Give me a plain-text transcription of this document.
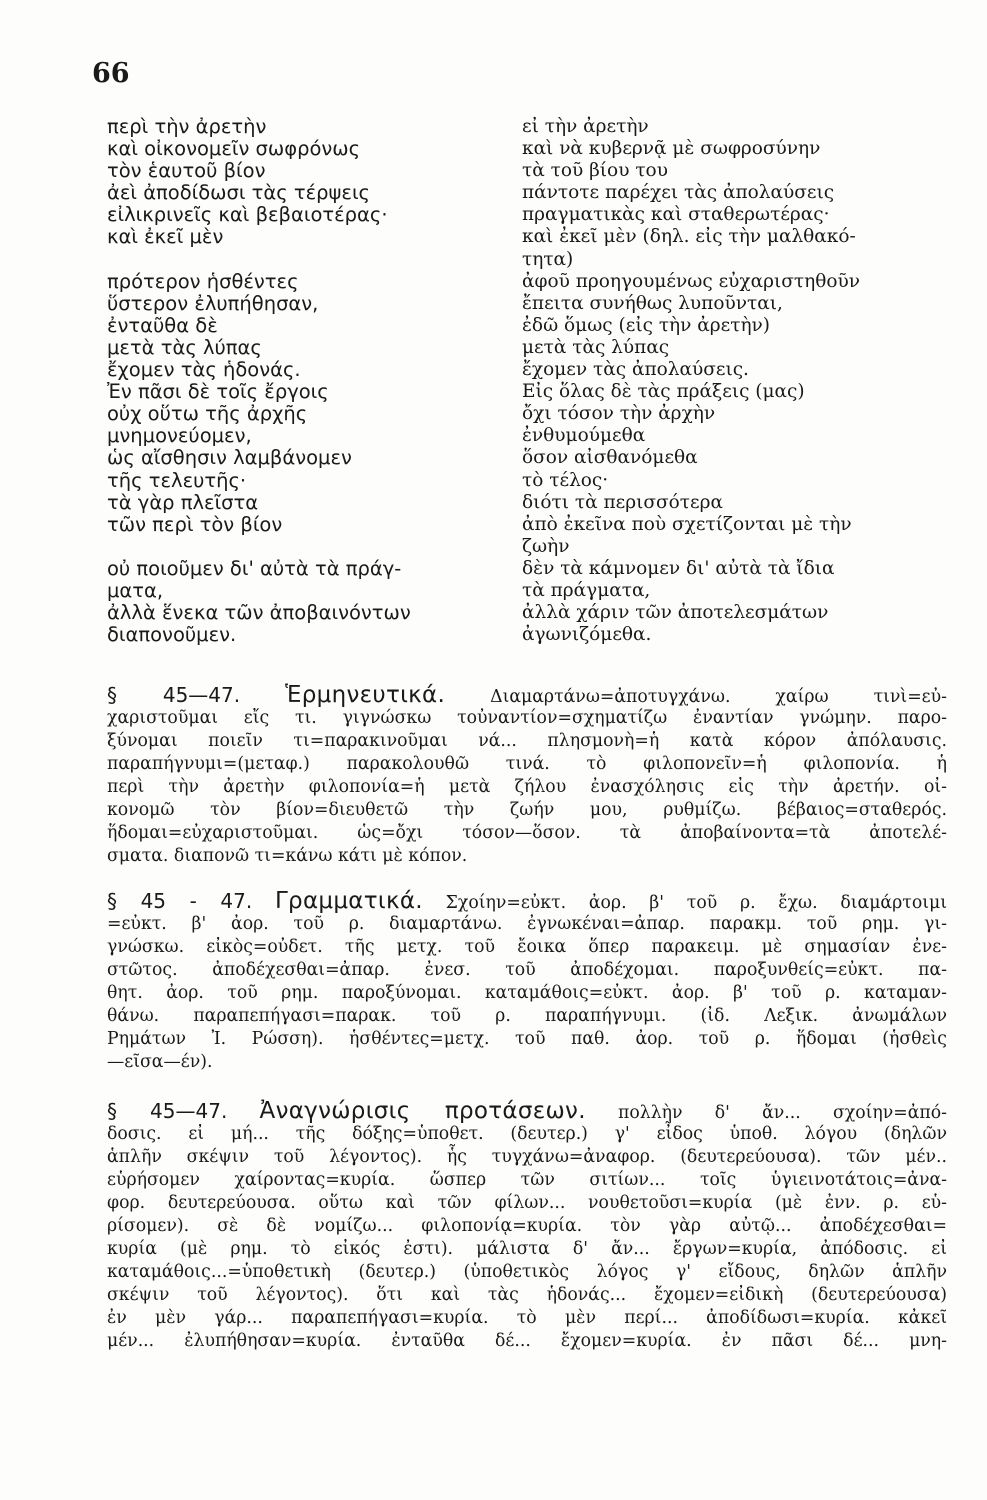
66
περὶ τὴν ἀρετὴν
καὶ οἰκονομεῖν σωφρόνως
τὸν ἑαυτοῦ βίον
ἀεὶ ἀποδίδωσι τὰς τέρψεις
εἰλικρινεῖς καὶ βεβαιοτέρας·
καὶ ἐκεῖ μὲν
πρότερον ἡσθέντες
ὕστερον ἐλυπήθησαν,
ἐνταῦθα δὲ
μετὰ τὰς λύπας
ἔχομεν τὰς ἡδονάς.
Ἐν πᾶσι δὲ τοῖς ἔργοις
οὐχ οὕτω τῆς ἀρχῆς
μνημονεύομεν,
ὡς αἴσθησιν λαμβάνομεν
τῆς τελευτῆς·
τὰ γὰρ πλεῖστα
τῶν περὶ τὸν βίον
οὐ ποιοῦμεν δι' αὐτὰ τὰ πράγ-
ματα,
ἀλλὰ ἕνεκα τῶν ἀποβαινόντων
διαπονοῦμεν.
εἰ τὴν ἀρετὴν
καὶ νὰ κυβερνᾷ μὲ σωφροσύνην
τὰ τοῦ βίου του
πάντοτε παρέχει τὰς ἀπολαύσεις
πραγματικὰς καὶ σταθερωτέρας·
καὶ ἐκεῖ μὲν (δηλ. εἰς τὴν μαλθακό-
τητα)
ἀφοῦ προηγουμένως εὐχαριστηθοῦν
ἔπειτα συνήθως λυποῦνται,
ἐδῶ ὅμως (εἰς τὴν ἀρετὴν)
μετὰ τὰς λύπας
ἔχομεν τὰς ἀπολαύσεις.
Εἰς ὅλας δὲ τὰς πράξεις (μας)
ὄχι τόσον τὴν ἀρχὴν
ἐνθυμούμεθα
ὅσον αἰσθανόμεθα
τὸ τέλος·
διότι τὰ περισσότερα
ἀπὸ ἐκεῖνα ποὺ σχετίζονται μὲ τὴν
ζωὴν
δὲν τὰ κάμνομεν δι' αὐτὰ τὰ ἴδια
τὰ πράγματα,
ἀλλὰ χάριν τῶν ἀποτελεσμάτων
ἀγωνιζόμεθα.
§ 45—47. Ἑρμηνευτικά.	Διαμαρτάνω=ἀποτυγχάνω. χαίρω τινὶ=εὐ-
χαριστοῦμαι εἴς τι. γιγνώσκω τοὐναντίον=σχηματίζω ἐναντίαν γνώμην. παρο-
ξύνομαι ποιεῖν τι=παρακινοῦμαι νά... πλησμονὴ=ἡ κατὰ κόρον ἀπόλαυσις.
παραπήγνυμι=(μεταφ.) παρακολουθῶ τινά. τὸ φιλοπονεῖν=ἡ φιλοπονία. ἡ
περὶ τὴν ἀρετὴν φιλοπονία=ἡ μετὰ ζήλου ἐνασχόλησις εἰς τὴν ἀρετήν. οἰ-
κονομῶ τὸν βίον=διευθετῶ τὴν ζωήν μου, ρυθμίζω. βέβαιος=σταθερός.
ἥδομαι=εὐχαριστοῦμαι. ὡς=ὄχι τόσον—ὅσον. τὰ ἀποβαίνοντα=τὰ ἀποτελέ-
σματα. διαπονῶ τι=κάνω κάτι μὲ κόπον.
§ 45 - 47. Γραμματικά. Σχοίην=εὐκτ. ἀορ. β' τοῦ ρ. ἔχω. διαμάρτοιμι
=εὐκτ. β' ἀορ. τοῦ ρ. διαμαρτάνω. ἐγνωκέναι=ἀπαρ. παρακμ. τοῦ ρημ. γι-
γνώσκω. εἰκὸς=οὐδετ. τῆς μετχ. τοῦ ἔοικα ὅπερ παρακειμ. μὲ σημασίαν ἐνε-
στῶτος. ἀποδέχεσθαι=ἀπαρ. ἐνεσ. τοῦ ἀποδέχομαι. παροξυνθείς=εὐκτ. πα-
θητ. ἀορ. τοῦ ρημ. παροξύνομαι. καταμάθοις=εὐκτ. ἀορ. β' τοῦ ρ. καταμαν-
θάνω. παραπεπήγασι=παρακ. τοῦ ρ. παραπήγνυμι. (ἰδ. Λεξικ. ἀνωμάλων
Ρημάτων Ἰ. Ρώσση). ἡσθέντες=μετχ. τοῦ παθ. ἀορ. τοῦ ρ. ἥδομαι (ἡσθεὶς
—εῖσα—έν).
§ 45—47. Ἀναγνώρισις προτάσεων. πολλὴν δ' ἄν... σχοίην=ἀπό-
δοσις. εἰ μή... τῆς δόξης=ὑποθετ. (δευτερ.) γ' εἶδος ὑποθ. λόγου (δηλῶν
ἁπλῆν σκέψιν τοῦ λέγοντος). ἧς τυγχάνω=ἀναφορ. (δευτερεύουσα). τῶν μέν..
εὑρήσομεν χαίροντας=κυρία. ὥσπερ τῶν σιτίων... τοῖς ὑγιεινοτάτοις=ἀνα-
φορ. δευτερεύουσα. οὕτω καὶ τῶν φίλων... νουθετοῦσι=κυρία (μὲ ἐνν. ρ. εὑ-
ρίσομεν). σὲ δὲ νομίζω... φιλοπονίᾳ=κυρία. τὸν γὰρ αὐτῷ... ἀποδέχεσθαι=
κυρία (μὲ ρημ. τὸ εἰκός ἐστι). μάλιστα δ' ἄν... ἔργων=κυρία, ἀπόδοσις. εἰ
καταμάθοις...=ὑποθετικὴ (δευτερ.) (ὑποθετικὸς λόγος γ' εἴδους, δηλῶν ἁπλῆν
σκέψιν τοῦ λέγοντος). ὅτι καὶ τὰς ἡδονάς... ἔχομεν=εἰδικὴ (δευτερεύουσα)
ἐν μὲν γάρ... παραπεπήγασι=κυρία. τὸ μὲν περί... ἀποδίδωσι=κυρία. κἀκεῖ
μέν... ἐλυπήθησαν=κυρία. ἐνταῦθα δέ... ἔχομεν=κυρία. ἐν πᾶσι δέ... μνη-
